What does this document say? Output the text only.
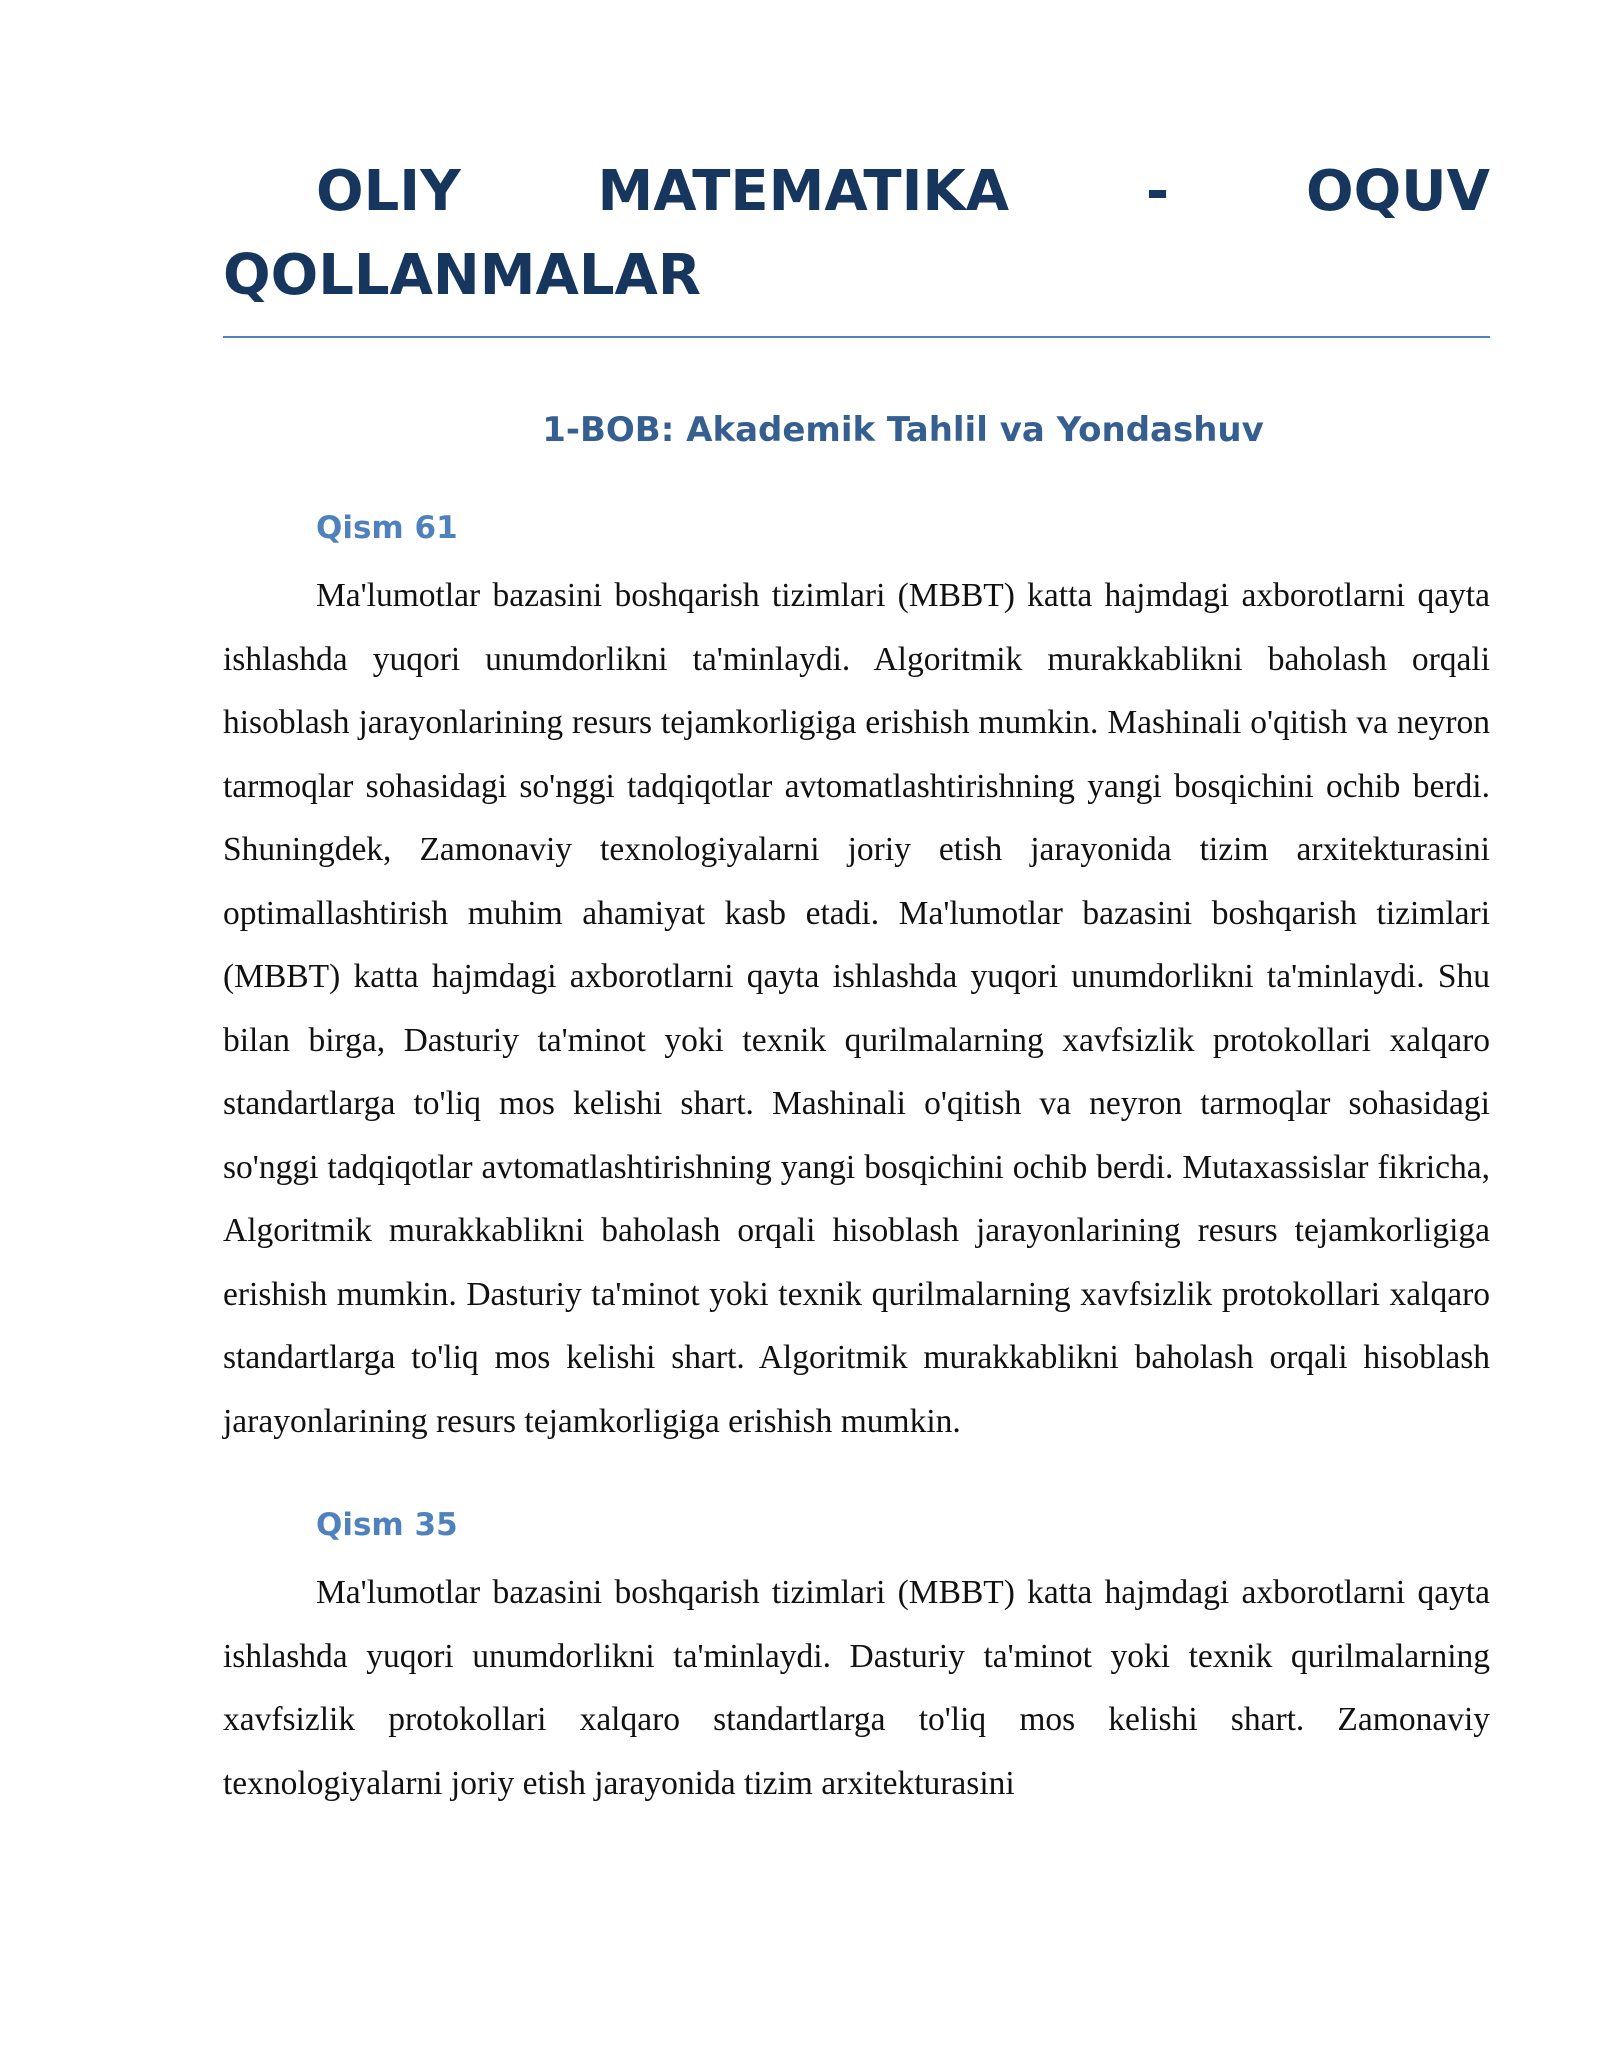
OLIY MATEMATIKA - OQUV QOLLANMALAR
1-BOB: Akademik Tahlil va Yondashuv
Qism 61

Ma'lumotlar bazasini boshqarish tizimlari (MBBT) katta hajmdagi axborotlarni qayta ishlashda yuqori unumdorlikni ta'minlaydi. Algoritmik murakkablikni baholash orqali hisoblash jarayonlarining resurs tejamkorligiga erishish mumkin. Mashinali o'qitish va neyron tarmoqlar sohasidagi so'nggi tadqiqotlar avtomatlashtirishning yangi bosqichini ochib berdi. Shuningdek, Zamonaviy texnologiyalarni joriy etish jarayonida tizim arxitekturasini optimallashtirish muhim ahamiyat kasb etadi. Ma'lumotlar bazasini boshqarish tizimlari (MBBT) katta hajmdagi axborotlarni qayta ishlashda yuqori unumdorlikni ta'minlaydi. Shu bilan birga, Dasturiy ta'minot yoki texnik qurilmalarning xavfsizlik protokollari xalqaro standartlarga to'liq mos kelishi shart. Mashinali o'qitish va neyron tarmoqlar sohasidagi so'nggi tadqiqotlar avtomatlashtirishning yangi bosqichini ochib berdi. Mutaxassislar fikricha, Algoritmik murakkablikni baholash orqali hisoblash jarayonlarining resurs tejamkorligiga erishish mumkin. Dasturiy ta'minot yoki texnik qurilmalarning xavfsizlik protokollari xalqaro standartlarga to'liq mos kelishi shart. Algoritmik murakkablikni baholash orqali hisoblash jarayonlarining resurs tejamkorligiga erishish mumkin.

Qism 35

Ma'lumotlar bazasini boshqarish tizimlari (MBBT) katta hajmdagi axborotlarni qayta ishlashda yuqori unumdorlikni ta'minlaydi. Dasturiy ta'minot yoki texnik qurilmalarning xavfsizlik protokollari xalqaro standartlarga to'liq mos kelishi shart. Zamonaviy texnologiyalarni joriy etish jarayonida tizim arxitekturasini
